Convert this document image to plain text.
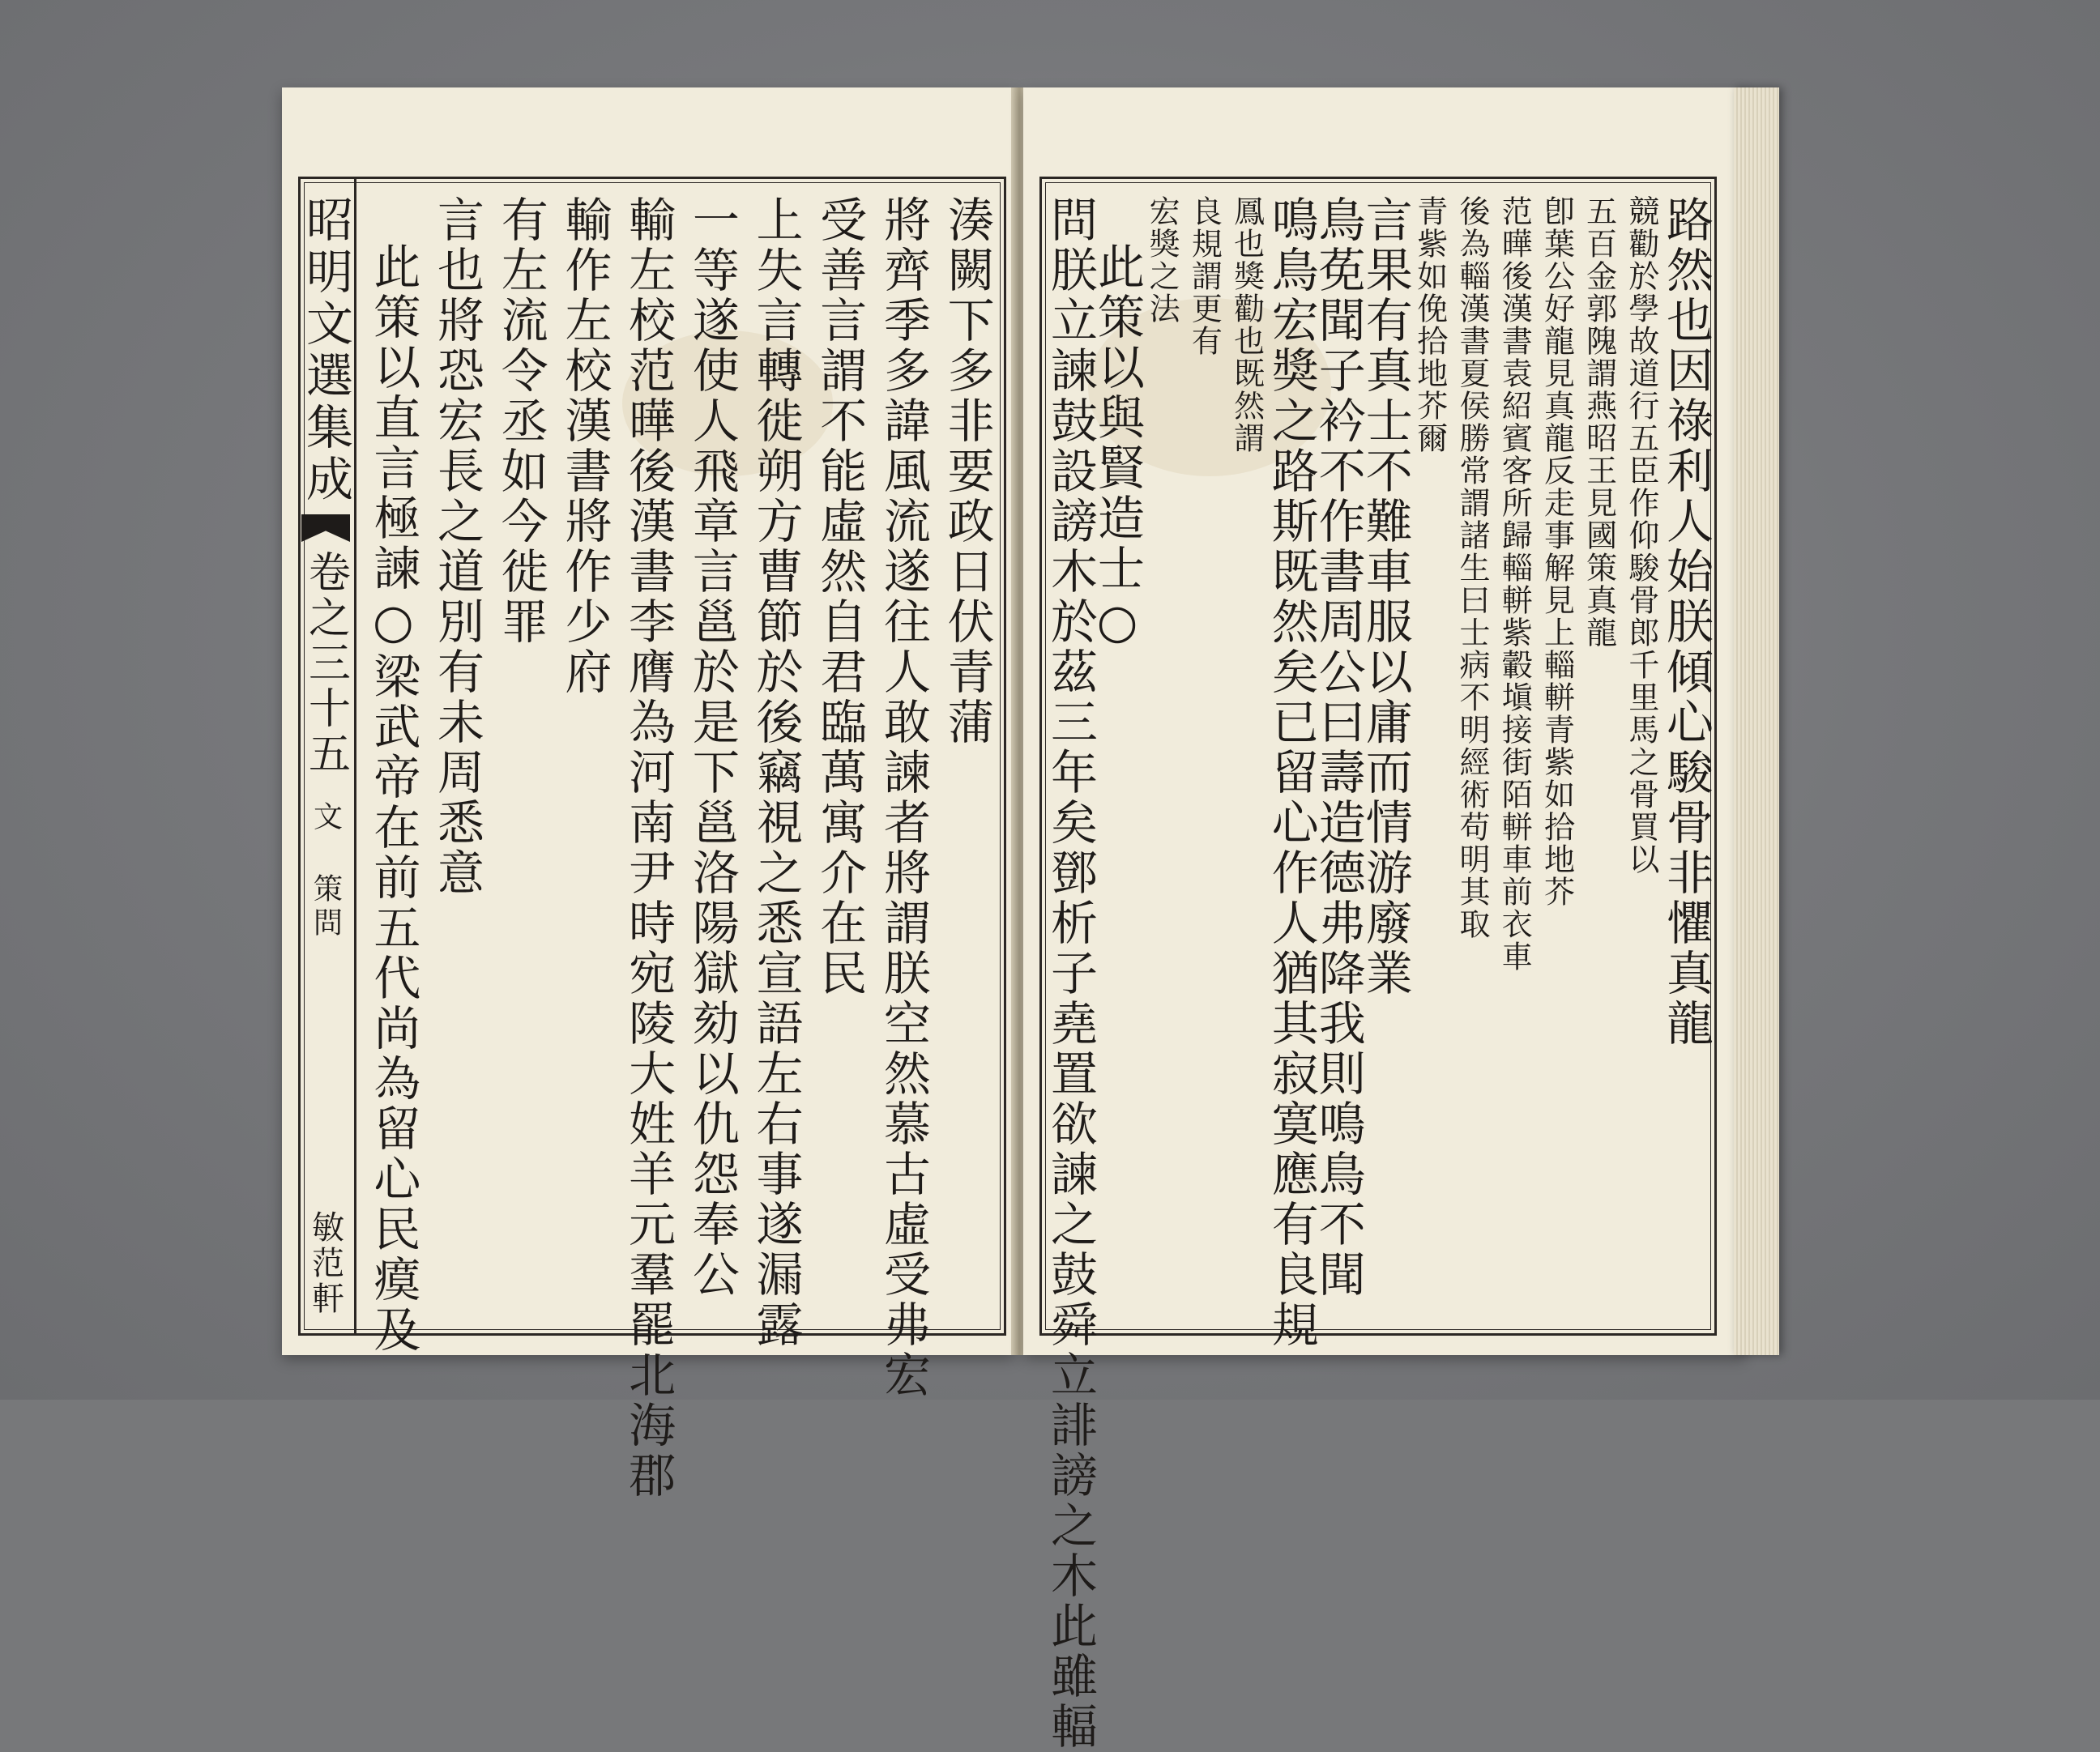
湊闕下多非要政日伏青蒲
將齊季多諱風流遂往人敢諫者將謂朕空然慕古虛受弗宏
受善言謂不能虛然自君臨萬寓介在民
上失言轉徙朔方曹節於後竊視之悉宣語左右事遂漏露
一等遂使人飛章言邕於是下邕洛陽獄劾以仇怨奉公
輸左校范曄後漢書李膺為河南尹時宛陵大姓羊元羣罷北海郡
輸作左校漢書將作少府
有左流令丞如今徙罪
言也將恐宏長之道別有未周悉意
此策以直言極諫○梁武帝在前五代尚為留心民瘼及
昭明文選集成
卷之三十五
文 策問
敏范軒
路然也因祿利人始朕傾心駿骨非懼真龍
競勸於學故道行五臣作仰駿骨郎千里馬之骨買以
五百金郭隗謂燕昭王見國策真龍
卽葉公好龍見真龍反走事解見上輜軿青紫如拾地芥
范曄後漢書袁紹賓客所歸輜軿紫轂塡接街陌軿車前衣車
後為輜漢書夏侯勝常謂諸生曰士病不明經術苟明其取
青紫如俛拾地芥爾
言果有真士不難車服以庸而情游廢業
鳥莬聞子衿不作書周公曰壽造德弗降我則鳴鳥不聞
鳴鳥宏獎之路斯既然矣已留心作人猶其寂寞應有良規
鳳也獎勸也既然謂
良規謂更有
宏獎之法
此策以與賢造士○
問朕立諫鼓設謗木於茲三年矣鄧析子堯置欲諫之鼓舜立誹謗之木此雖輻
